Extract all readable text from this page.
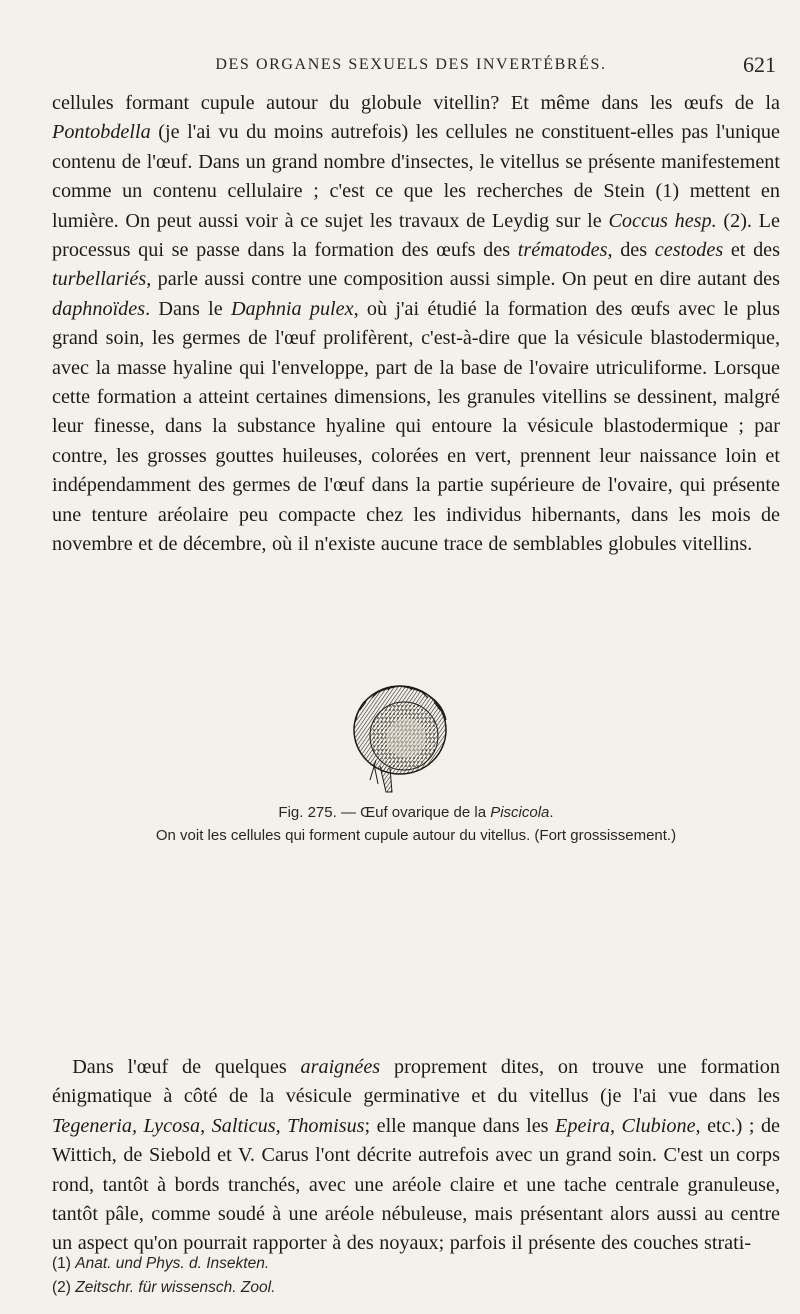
DES ORGANES SEXUELS DES INVERTÉBRÉS.	621

cellules formant cupule autour du globule vitellin? Et même dans les œufs de la Pontobdella (je l'ai vu du moins autrefois) les cellules ne constituent-elles pas l'unique contenu de l'œuf. Dans un grand nombre d'insectes, le vitellus se présente manifestement comme un contenu cellulaire ; c'est ce que les recherches de Stein (1) mettent en lumière. On peut aussi voir à ce sujet les travaux de Leydig sur le Coccus hesp. (2). Le processus qui se passe dans la formation des œufs des trématodes, des cestodes et des turbellariés, parle aussi contre une composition aussi simple. On peut en dire autant des daphnoïdes. Dans le Daphnia pulex, où j'ai étudié la formation des œufs avec le plus grand soin, les germes de l'œuf prolifèrent, c'est-à-dire que la vésicule blastodermique, avec la masse hyaline qui l'enveloppe, part de la base de l'ovaire utriculiforme. Lorsque cette formation a atteint certaines dimensions, les granules vitellins se dessinent, malgré leur finesse, dans la substance hyaline qui entoure la vésicule blastodermique ; par contre, les grosses gouttes huileuses, colorées en vert, prennent leur naissance loin et indépendamment des germes de l'œuf dans la partie supérieure de l'ovaire, qui présente une tenture aréolaire peu compacte chez les individus hibernants, dans les mois de novembre et de décembre, où il n'existe aucune trace de semblables globules vitellins.

Fig. 275. — Œuf ovarique de la Piscicola.
On voit les cellules qui forment cupule autour du vitellus. (Fort grossissement.)

 Dans l'œuf de quelques araignées proprement dites, on trouve une formation énigmatique à côté de la vésicule germinative et du vitellus (je l'ai vue dans les Tegeneria, Lycosa, Salticus, Thomisus; elle manque dans les Epeira, Clubione, etc.) ; de Wittich, de Siebold et V. Carus l'ont décrite autrefois avec un grand soin. C'est un corps rond, tantôt à bords tranchés, avec une aréole claire et une tache centrale granuleuse, tantôt pâle, comme soudé à une aréole nébuleuse, mais présentant alors aussi au centre un aspect qu'on pourrait rapporter à des noyaux; parfois il présente des couches strati-

(1) Anat. und Phys. d. Insekten.
(2) Zeitschr. für wissensch. Zool.
